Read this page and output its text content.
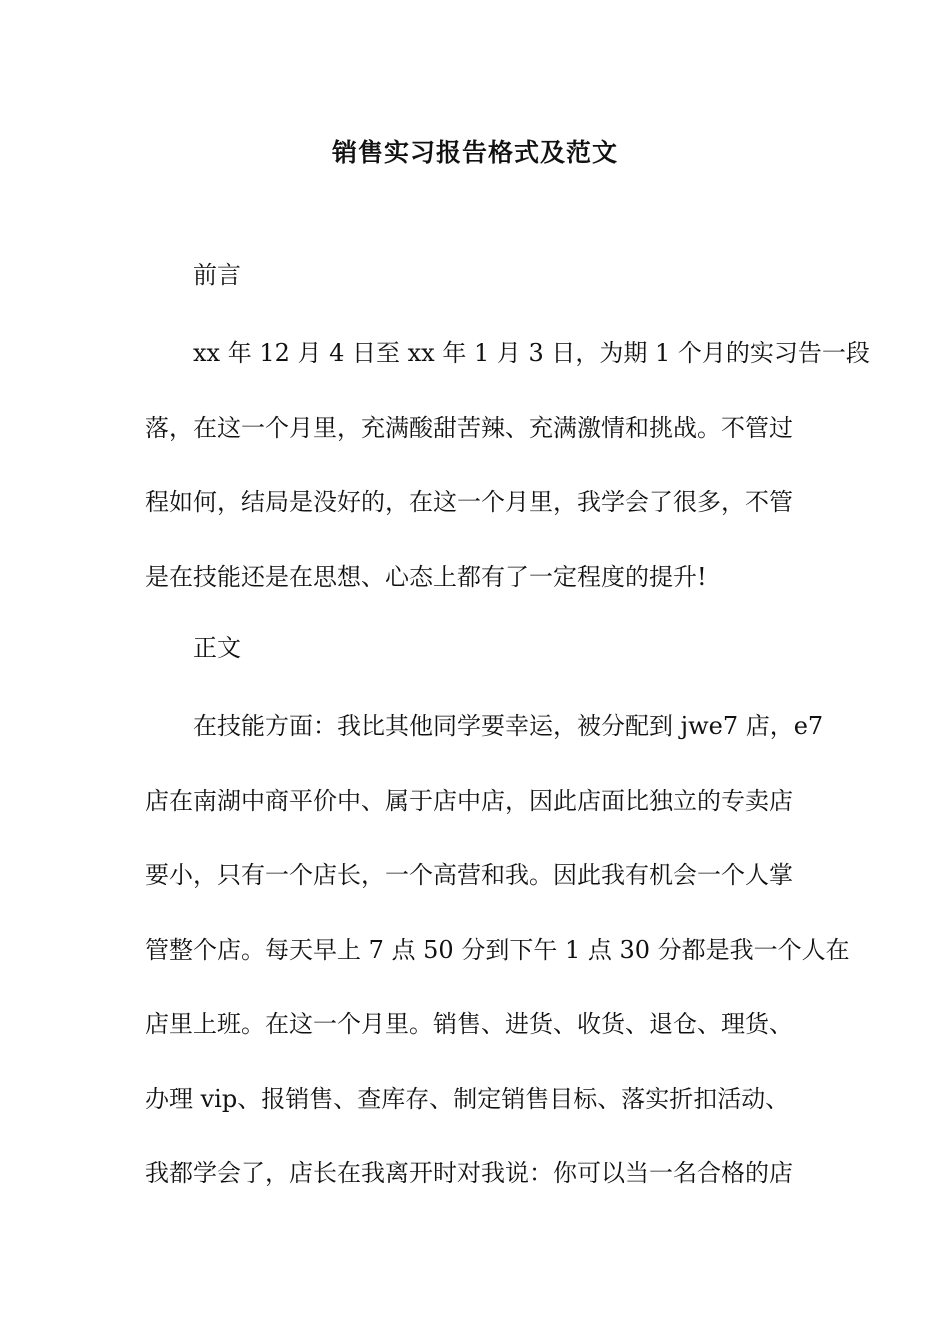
销售实习报告格式及范文
前言
xx 年 12 月 4 日至 xx 年 1 月 3 日，为期 1 个月的实习告一段
落，在这一个月里，充满酸甜苦辣、充满激情和挑战。不管过
程如何，结局是没好的，在这一个月里，我学会了很多，不管
是在技能还是在思想、心态上都有了一定程度的提升!
正文
在技能方面：我比其他同学要幸运，被分配到 jwe7 店，e7
店在南湖中商平价中、属于店中店，因此店面比独立的专卖店
要小，只有一个店长，一个高营和我。因此我有机会一个人掌
管整个店。每天早上 7 点 50 分到下午 1 点 30 分都是我一个人在
店里上班。在这一个月里。销售、进货、收货、退仓、理货、
办理 vip、报销售、查库存、制定销售目标、落实折扣活动、
我都学会了，店长在我离开时对我说：你可以当一名合格的店
